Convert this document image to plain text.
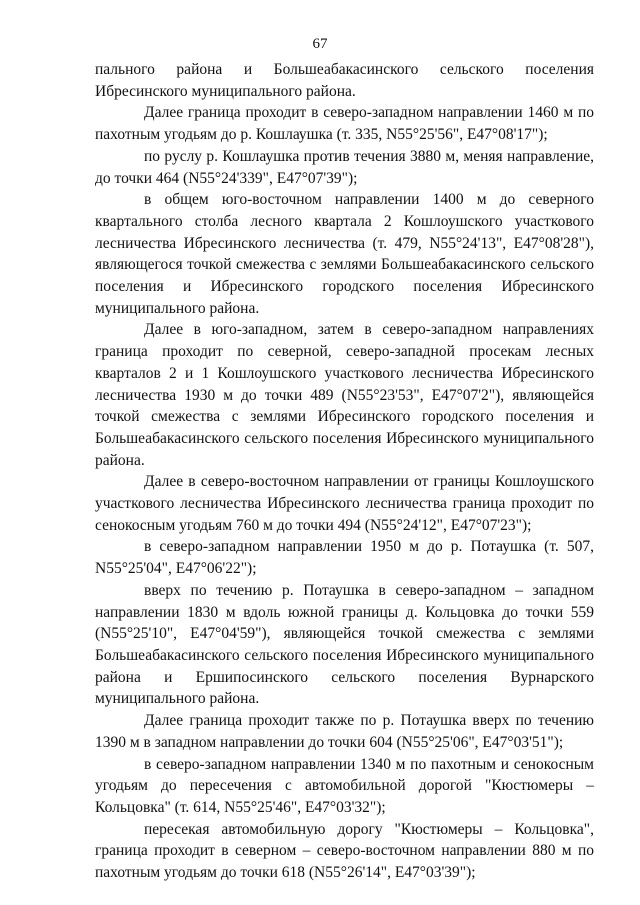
67

пального района и Большеабакасинского сельского поселения Ибресинского муниципального района.

Далее граница проходит в северо-западном направлении 1460 м по пахотным угодьям до р. Кошлаушка (т. 335, N55°25'56", E47°08'17");

по руслу р. Кошлаушка против течения 3880 м, меняя направление, до точки 464 (N55°24'339", E47°07'39");

в общем юго-восточном направлении 1400 м до северного квартального столба лесного квартала 2 Кошлоушского участкового лесничества Ибресинского лесничества (т. 479, N55°24'13", E47°08'28"), являющегося точкой смежества с землями Большеабакасинского сельского поселения и Ибресинского городского поселения Ибресинского муниципального района.

Далее в юго-западном, затем в северо-западном направлениях граница проходит по северной, северо-западной просекам лесных кварталов 2 и 1 Кошлоушского участкового лесничества Ибресинского лесничества 1930 м до точки 489 (N55°23'53", E47°07'2"), являющейся точкой смежества с землями Ибресинского городского поселения и Большеабакасинского сельского поселения Ибресинского муниципального района.

Далее в северо-восточном направлении от границы Кошлоушского участкового лесничества Ибресинского лесничества граница проходит по сенокосным угодьям 760 м до точки 494 (N55°24'12", E47°07'23");

в северо-западном направлении 1950 м до р. Потаушка (т. 507, N55°25'04", E47°06'22");

вверх по течению р. Потаушка в северо-западном – западном направлении 1830 м вдоль южной границы д. Кольцовка до точки 559 (N55°25'10", E47°04'59"), являющейся точкой смежества с землями Большеабакасинского сельского поселения Ибресинского муниципального района и Ершипосинского сельского поселения Вурнарского муниципального района.

Далее граница проходит также по р. Потаушка вверх по течению 1390 м в западном направлении до точки 604 (N55°25'06", E47°03'51");

в северо-западном направлении 1340 м по пахотным и сенокосным угодьям до пересечения с автомобильной дорогой "Кюстюмеры – Кольцовка" (т. 614, N55°25'46", E47°03'32");

пересекая автомобильную дорогу "Кюстюмеры – Кольцовка", граница проходит в северном – северо-восточном направлении 880 м по пахотным угодьям до точки 618 (N55°26'14", E47°03'39");
